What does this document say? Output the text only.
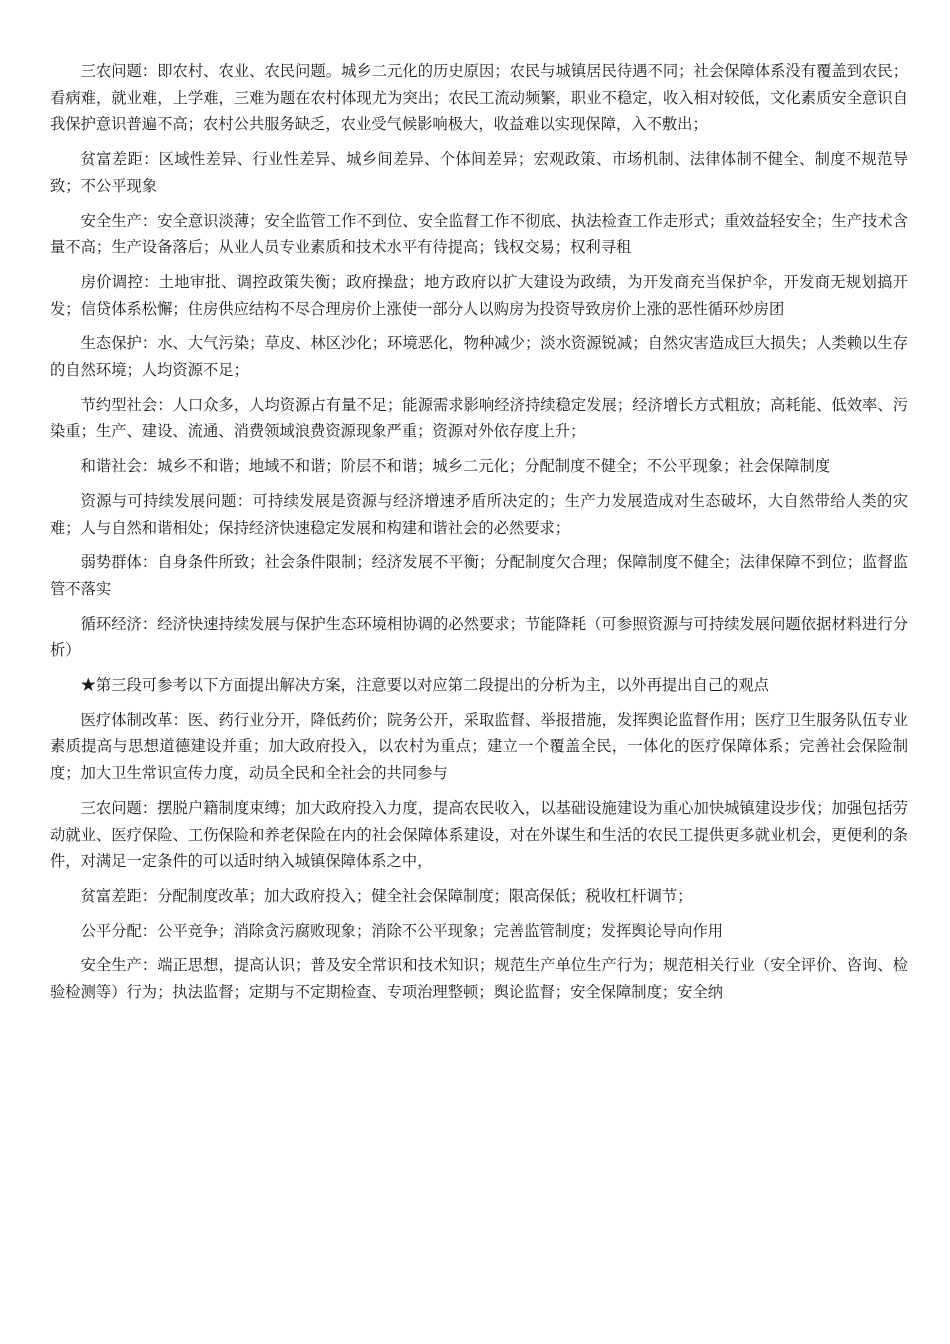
三农问题：即农村、农业、农民问题。城乡二元化的历史原因；农民与城镇居民待遇不同；社会保障体系没有覆盖到农民；看病难，就业难，上学难，三难为题在农村体现尤为突出；农民工流动频繁，职业不稳定，收入相对较低，文化素质安全意识自我保护意识普遍不高；农村公共服务缺乏，农业受气候影响极大，收益难以实现保障，入不敷出；

贫富差距：区域性差异、行业性差异、城乡间差异、个体间差异；宏观政策、市场机制、法律体制不健全、制度不规范导致；不公平现象

安全生产：安全意识淡薄；安全监管工作不到位、安全监督工作不彻底、执法检查工作走形式；重效益轻安全；生产技术含量不高；生产设备落后；从业人员专业素质和技术水平有待提高；钱权交易；权利寻租

房价调控：土地审批、调控政策失衡；政府操盘；地方政府以扩大建设为政绩，为开发商充当保护伞，开发商无规划搞开发；信贷体系松懈；住房供应结构不尽合理房价上涨使一部分人以购房为投资导致房价上涨的恶性循环炒房团

生态保护：水、大气污染；草皮、林区沙化；环境恶化，物种减少；淡水资源锐减；自然灾害造成巨大损失；人类赖以生存的自然环境；人均资源不足；

节约型社会：人口众多，人均资源占有量不足；能源需求影响经济持续稳定发展；经济增长方式粗放；高耗能、低效率、污染重；生产、建设、流通、消费领域浪费资源现象严重；资源对外依存度上升；

和谐社会：城乡不和谐；地域不和谐；阶层不和谐；城乡二元化；分配制度不健全；不公平现象；社会保障制度

资源与可持续发展问题：可持续发展是资源与经济增速矛盾所决定的；生产力发展造成对生态破坏，大自然带给人类的灾难；人与自然和谐相处；保持经济快速稳定发展和构建和谐社会的必然要求；

弱势群体：自身条件所致；社会条件限制；经济发展不平衡；分配制度欠合理；保障制度不健全；法律保障不到位；监督监管不落实

循环经济：经济快速持续发展与保护生态环境相协调的必然要求；节能降耗（可参照资源与可持续发展问题依据材料进行分析）

★第三段可参考以下方面提出解决方案，注意要以对应第二段提出的分析为主，以外再提出自己的观点

医疗体制改革：医、药行业分开，降低药价；院务公开，采取监督、举报措施，发挥舆论监督作用；医疗卫生服务队伍专业素质提高与思想道德建设并重；加大政府投入，以农村为重点；建立一个覆盖全民，一体化的医疗保障体系；完善社会保险制度；加大卫生常识宣传力度，动员全民和全社会的共同参与

三农问题：摆脱户籍制度束缚；加大政府投入力度，提高农民收入，以基础设施建设为重心加快城镇建设步伐；加强包括劳动就业、医疗保险、工伤保险和养老保险在内的社会保障体系建设，对在外谋生和生活的农民工提供更多就业机会，更便利的条件，对满足一定条件的可以适时纳入城镇保障体系之中，

贫富差距：分配制度改革；加大政府投入；健全社会保障制度；限高保低；税收杠杆调节；

公平分配：公平竞争；消除贪污腐败现象；消除不公平现象；完善监管制度；发挥舆论导向作用

安全生产：端正思想，提高认识；普及安全常识和技术知识；规范生产单位生产行为；规范相关行业（安全评价、咨询、检验检测等）行为；执法监督；定期与不定期检查、专项治理整顿；舆论监督；安全保障制度；安全纳
